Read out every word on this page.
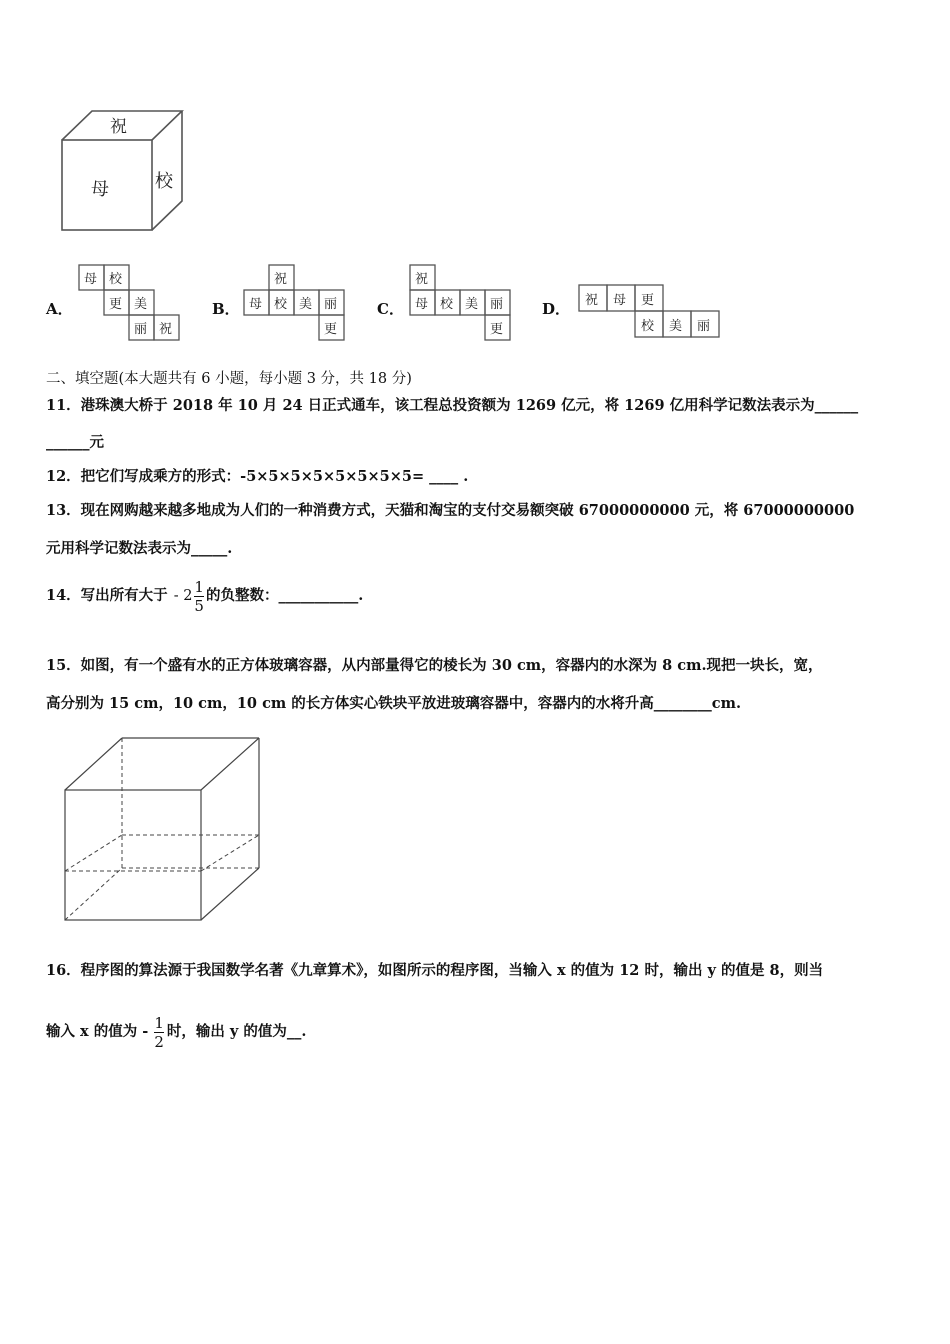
祝
母	校
A．
母 校
更 美
丽 祝
B．
祝
母 校 美 丽
更
C．
祝
母 校 美 丽
更
D． 祝 母 更
校 美 丽
二、填空题(本大题共有 6 小题，每小题 3 分，共 18 分)
11．港珠澳大桥于 2018 年 10 月 24 日正式通车，该工程总投资额为 1269 亿元，将 1269 亿用科学记数法表示为______
______元
12．把它们写成乘方的形式：-5×5×5×5×5×5×5×5= ____ .
13．现在网购越来越多地成为人们的一种消费方式，天猫和淘宝的支付交易额突破 67000000000 元，将 67000000000
元用科学记数法表示为_____.
14．写出所有大于 - $2 \frac{1}{5}$ 的负整数：___________.
15．如图，有一个盛有水的正方体玻璃容器，从内部量得它的棱长为 30 cm，容器内的水深为 8 cm.现把一块长，宽，
高分别为 15 cm，10 cm，10 cm 的长方体实心铁块平放进玻璃容器中，容器内的水将升高________cm.
16．程序图的算法源于我国数学名著《九章算术》，如图所示的程序图，当输入 x 的值为 12 时，输出 y 的值是 8，则当
输入 x 的值为 - $\frac{1}{2}$ 时，输出 y 的值为__.
